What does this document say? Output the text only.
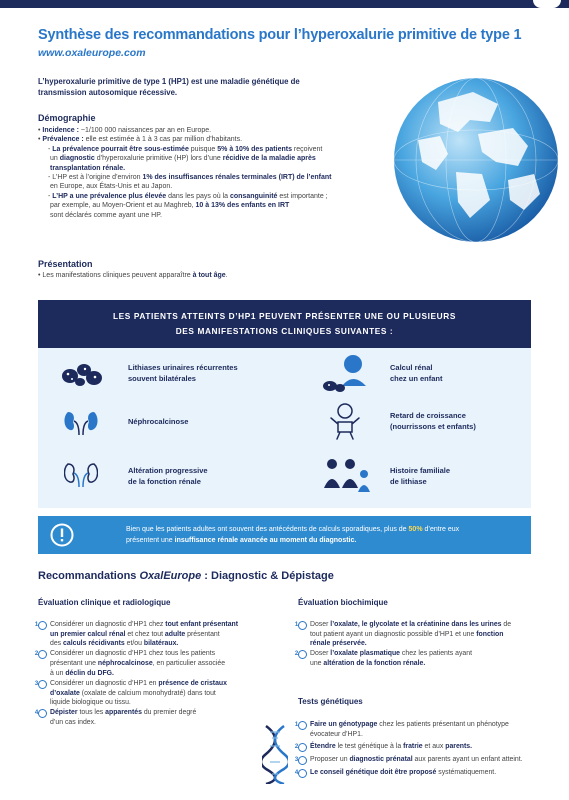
Synthèse des recommandations pour l’hyperoxalurie primitive de type 1
www.oxaleurope.com
L’hyperoxalurie primitive de type 1 (HP1) est une maladie génétique de transmission autosomique récessive.
Démographie

• Incidence : ~1/100 000 naissances par an en Europe.

• Prévalence : elle est estimée à 1 à 3 cas par million d’habitants.

- La prévalence pourrait être sous-estimée puisque 5% à 10% des patients reçoivent

un diagnostic d’hyperoxalurie primitive (HP) lors d’une récidive de la maladie après

transplantation rénale.

- L’HP est à l’origine d’environ 1% des insuffisances rénales terminales (IRT) de l’enfant

en Europe, aux États-Unis et au Japon.

- L’HP a une prévalence plus élevée dans les pays où la consanguinité est importante ;

par exemple, au Moyen-Orient et au Maghreb, 10 à 13% des enfants en IRT

sont déclarés comme ayant une HP.

Présentation
• Les manifestations cliniques peuvent apparaître à tout âge.
LES PATIENTS ATTEINTS D’HP1 PEUVENT PRÉSENTER UNE OU PLUSIEURS
DES MANIFESTATIONS CLINIQUES SUIVANTES :
Lithiases urinaires récurrentes
souvent bilatérales
Néphrocalcinose
Altération progressive
de la fonction rénale
Calcul rénal
chez un enfant
Retard de croissance
(nourrissons et enfants)
Histoire familiale
de lithiase
Bien que les patients adultes ont souvent des antécédents de calculs sporadiques, plus de 50% d’entre eux
présentent une insuffisance rénale avancée au moment du diagnostic.
Recommandations OxalEurope : Diagnostic & Dépistage
Évaluation clinique et radiologique	Évaluation biochimique
Tests génétiques
1 Considérer un diagnostic d’HP1 chez tout enfant présentant
un premier calcul rénal et chez tout adulte présentant
des calculs récidivants et/ou bilatéraux.
2 Considérer un diagnostic d’HP1 chez tous les patients
présentant une néphrocalcinose, en particulier associée
à un déclin du DFG.
3 Considérer un diagnostic d’HP1 en présence de cristaux
d’oxalate (oxalate de calcium monohydraté) dans tout
liquide biologique ou tissu.
4 Dépister tous les apparentés du premier degré
d’un cas index.
1 Doser l’oxalate, le glycolate et la créatinine dans les urines de
tout patient ayant un diagnostic possible d’HP1 et une fonction
rénale préservée.
2 Doser l’oxalate plasmatique chez les patients ayant
une altération de la fonction rénale.
1 Faire un génotypage chez les patients présentant un phénotype
évocateur d’HP1.
2 Étendre le test génétique à la fratrie et aux parents.
3 Proposer un diagnostic prénatal aux parents ayant un enfant atteint.
4 Le conseil génétique doit être proposé systématiquement.
